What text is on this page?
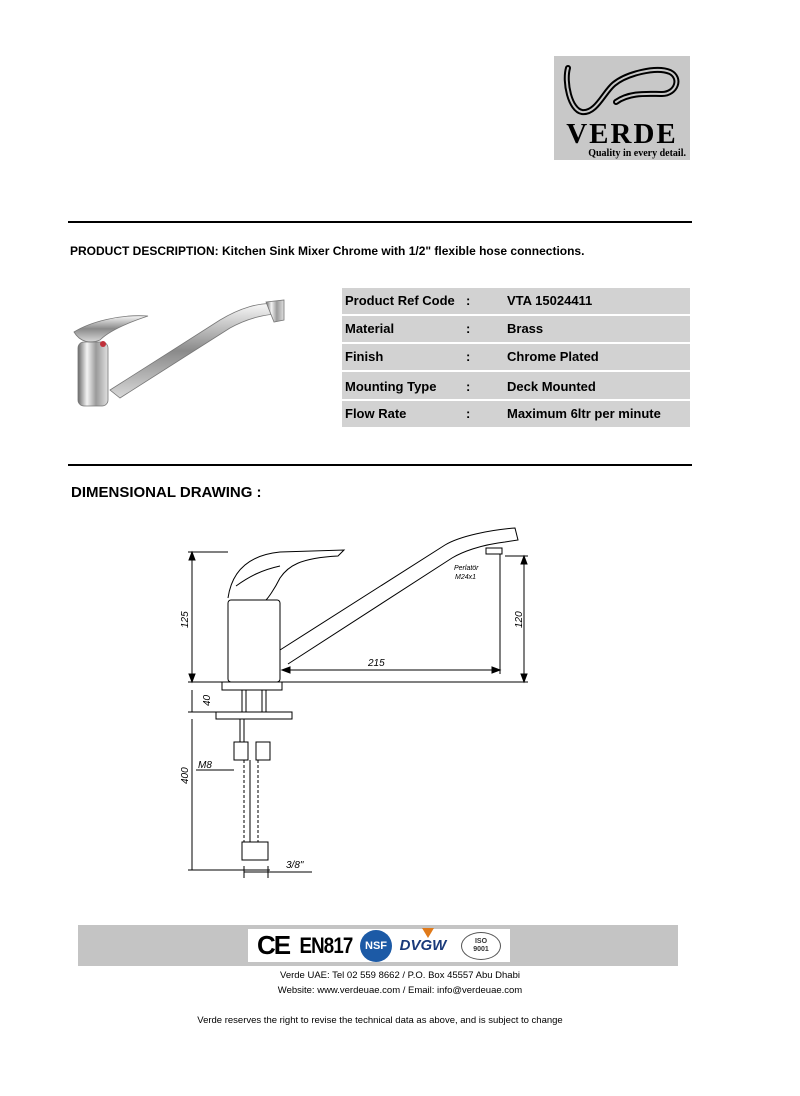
VERDE
Quality in every detail.
PRODUCT DESCRIPTION: Kitchen Sink Mixer Chrome with 1/2" flexible hose connections.
Product Ref Code :	VTA 15024411
Material	:	Brass
Finish	:	Chrome Plated
Mounting Type :	Deck Mounted
Flow Rate	:	Maximum 6ltr per minute
DIMENSIONAL DRAWING :
125	120
215
40
400
M8
3/8"
Perlatör
M24x1
CE EN817	NSF DVGW	ISO
9001
Verde UAE: Tel 02 559 8662 / P.O. Box 45557 Abu Dhabi
Website: www.verdeuae.com / Email: info@verdeuae.com
Verde reserves the right to revise the technical data as above, and is subject to change
